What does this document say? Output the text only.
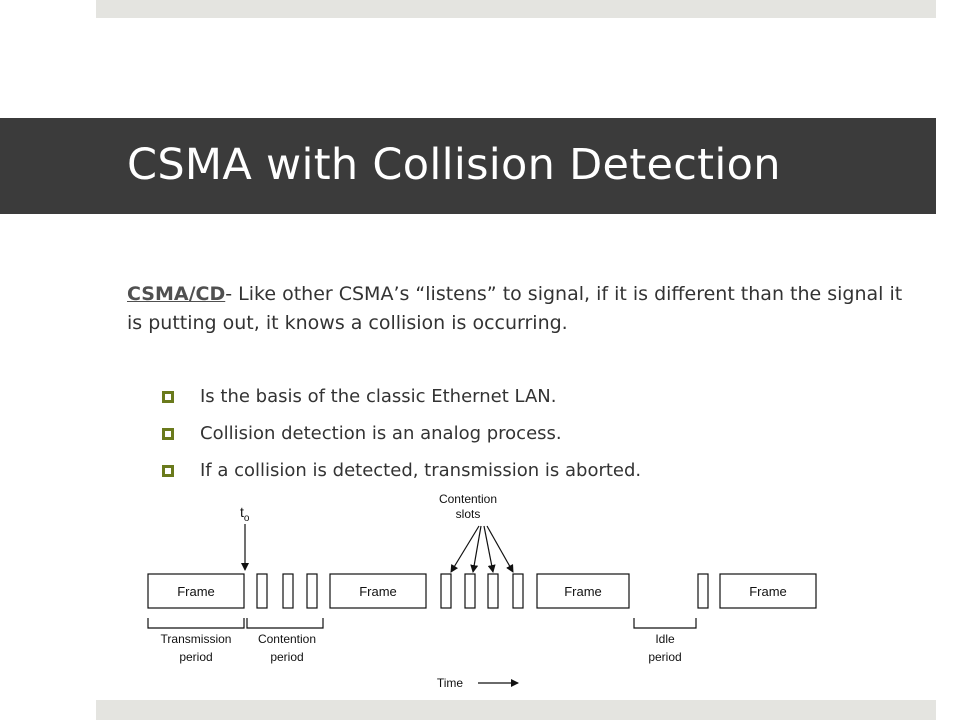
CSMA with Collision Detection
CSMA/CD- Like other CSMA’s “listens” to signal, if it is different than the signal it is putting out, it knows a collision is occurring.
Is the basis of the classic Ethernet LAN.
Collision detection is an analog process.
If a collision is detected, transmission is aborted.
$t_o$
Contention
slots
Frame	Frame	Frame	Frame
Transmission
period
Contention
period
Idle
period
Time
